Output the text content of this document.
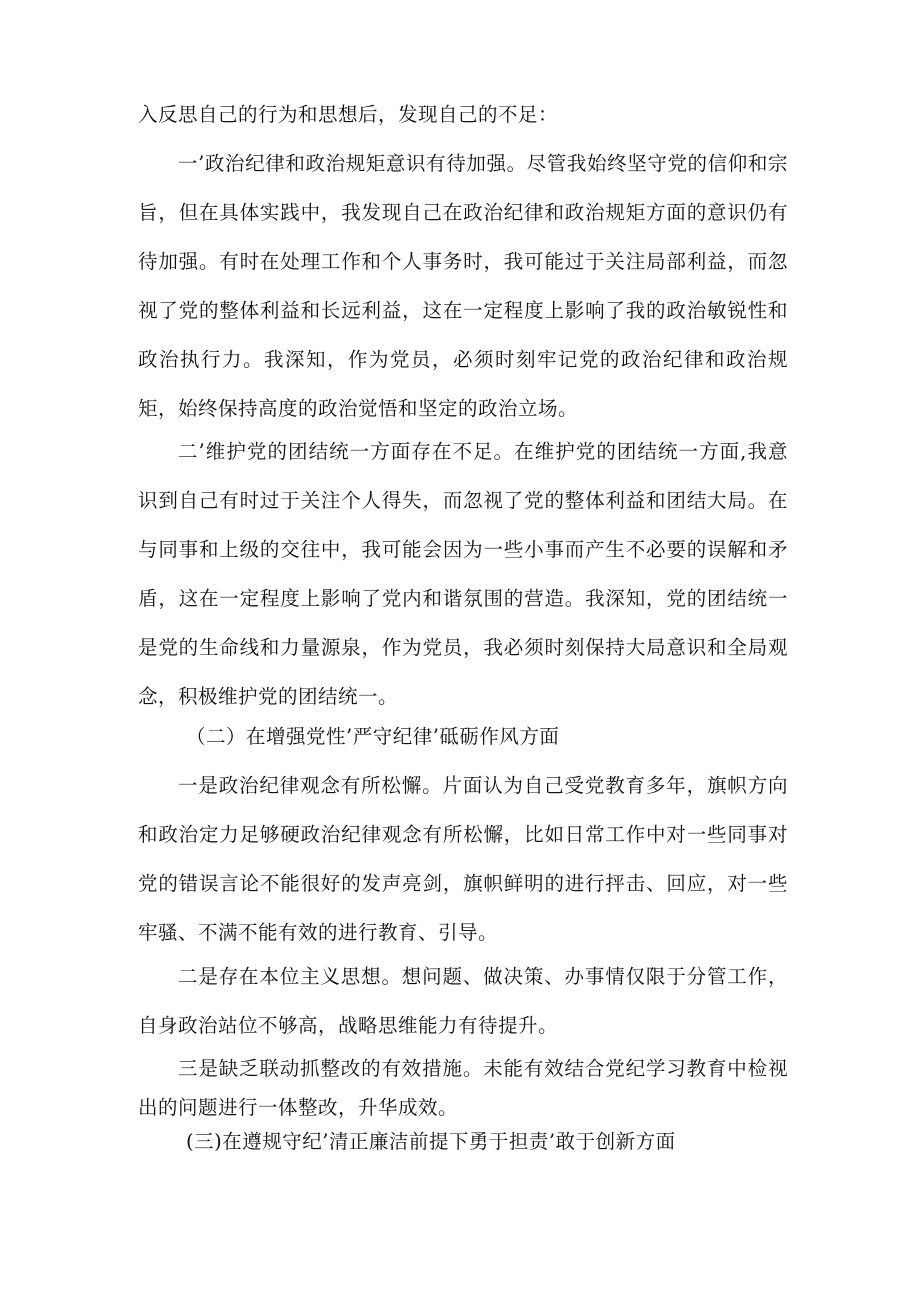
入反思自己的行为和思想后，发现自己的不足：

一’政治纪律和政治规矩意识有待加强。尽管我始终坚守党的信仰和宗旨，但在具体实践中，我发现自己在政治纪律和政治规矩方面的意识仍有待加强。有时在处理工作和个人事务时，我可能过于关注局部利益，而忽视了党的整体利益和长远利益，这在一定程度上影响了我的政治敏锐性和政治执行力。我深知，作为党员，必须时刻牢记党的政治纪律和政治规矩，始终保持高度的政治觉悟和坚定的政治立场。

二’维护党的团结统一方面存在不足。在维护党的团结统一方面,我意识到自己有时过于关注个人得失，而忽视了党的整体利益和团结大局。在与同事和上级的交往中，我可能会因为一些小事而产生不必要的误解和矛盾，这在一定程度上影响了党内和谐氛围的营造。我深知，党的团结统一是党的生命线和力量源泉，作为党员，我必须时刻保持大局意识和全局观念，积极维护党的团结统一。

（二）在增强党性’严守纪律’砥砺作风方面

一是政治纪律观念有所松懈。片面认为自己受党教育多年，旗帜方向和政治定力足够硬政治纪律观念有所松懈，比如日常工作中对一些同事对党的错误言论不能很好的发声亮剑，旗帜鲜明的进行抨击、回应，对一些牢骚、不满不能有效的进行教育、引导。

二是存在本位主义思想。想问题、做决策、办事情仅限于分管工作，自身政治站位不够高，战略思维能力有待提升。

三是缺乏联动抓整改的有效措施。未能有效结合党纪学习教育中检视出的问题进行一体整改，升华成效。

(三)在遵规守纪’清正廉洁前提下勇于担责’敢于创新方面
